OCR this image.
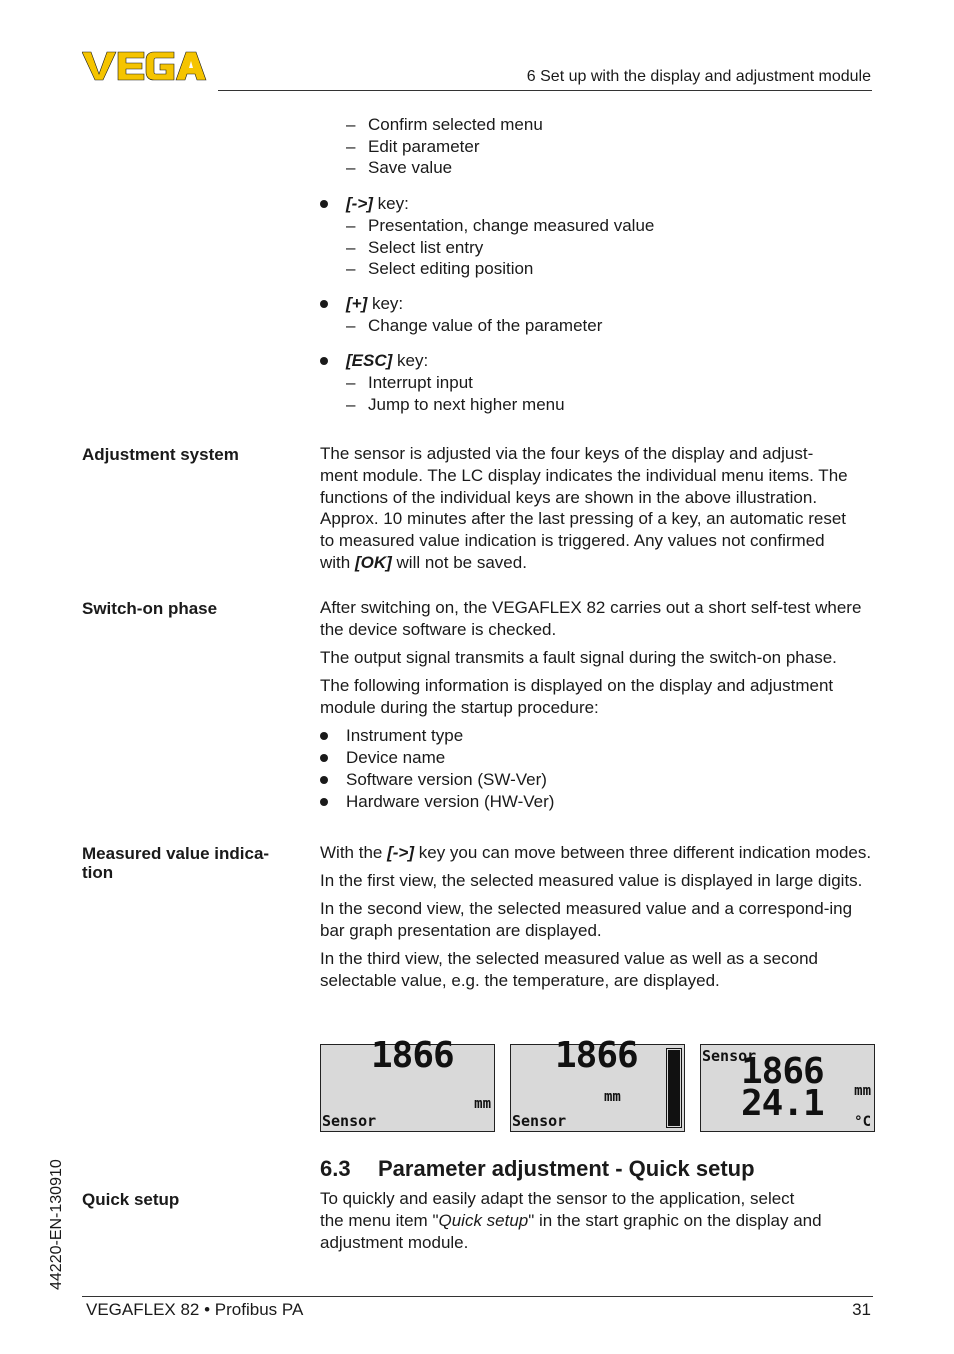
6 Set up with the display and adjustment module
– Confirm selected menu
– Edit parameter
– Save value
[->] key:
– Presentation, change measured value
– Select list entry
– Select editing position
[+] key:
– Change value of the parameter
[ESC] key:
– Interrupt input
– Jump to next higher menu
Adjustment system	The sensor is adjusted via the four keys of the display and adjust-
ment module. The LC display indicates the individual menu items. The
functions of the individual keys are shown in the above illustration.
Approx. 10 minutes after the last pressing of a key, an automatic reset
to measured value indication is triggered. Any values not confirmed
with [OK] will not be saved.
Switch-on phase	After switching on, the VEGAFLEX 82 carries out a short self-test where the device software is checked.

The output signal transmits a fault signal during the switch-on phase.

The following information is displayed on the display and adjustment module during the startup procedure:

Instrument type
Device name
Software version (SW-Ver)
Hardware version (HW-Ver)
Measured value indica-
tion

With the [->] key you can move between three different indication modes.

In the first view, the selected measured value is displayed in large digits.

In the second view, the selected measured value and a correspond-ing bar graph presentation are displayed.

In the third view, the selected measured value as well as a second selectable value, e.g. the temperature, are displayed.

1866
mm
Sensor
1866
mm
Sensor
Sensor
1866 mm
24.1 °C
6.3 Parameter adjustment - Quick setup
Quick setup	To quickly and easily adapt the sensor to the application, select
the menu item "Quick setup" in the start graphic on the display and
adjustment module.
44220-EN-130910
VEGAFLEX 82 • Profibus PA	31
